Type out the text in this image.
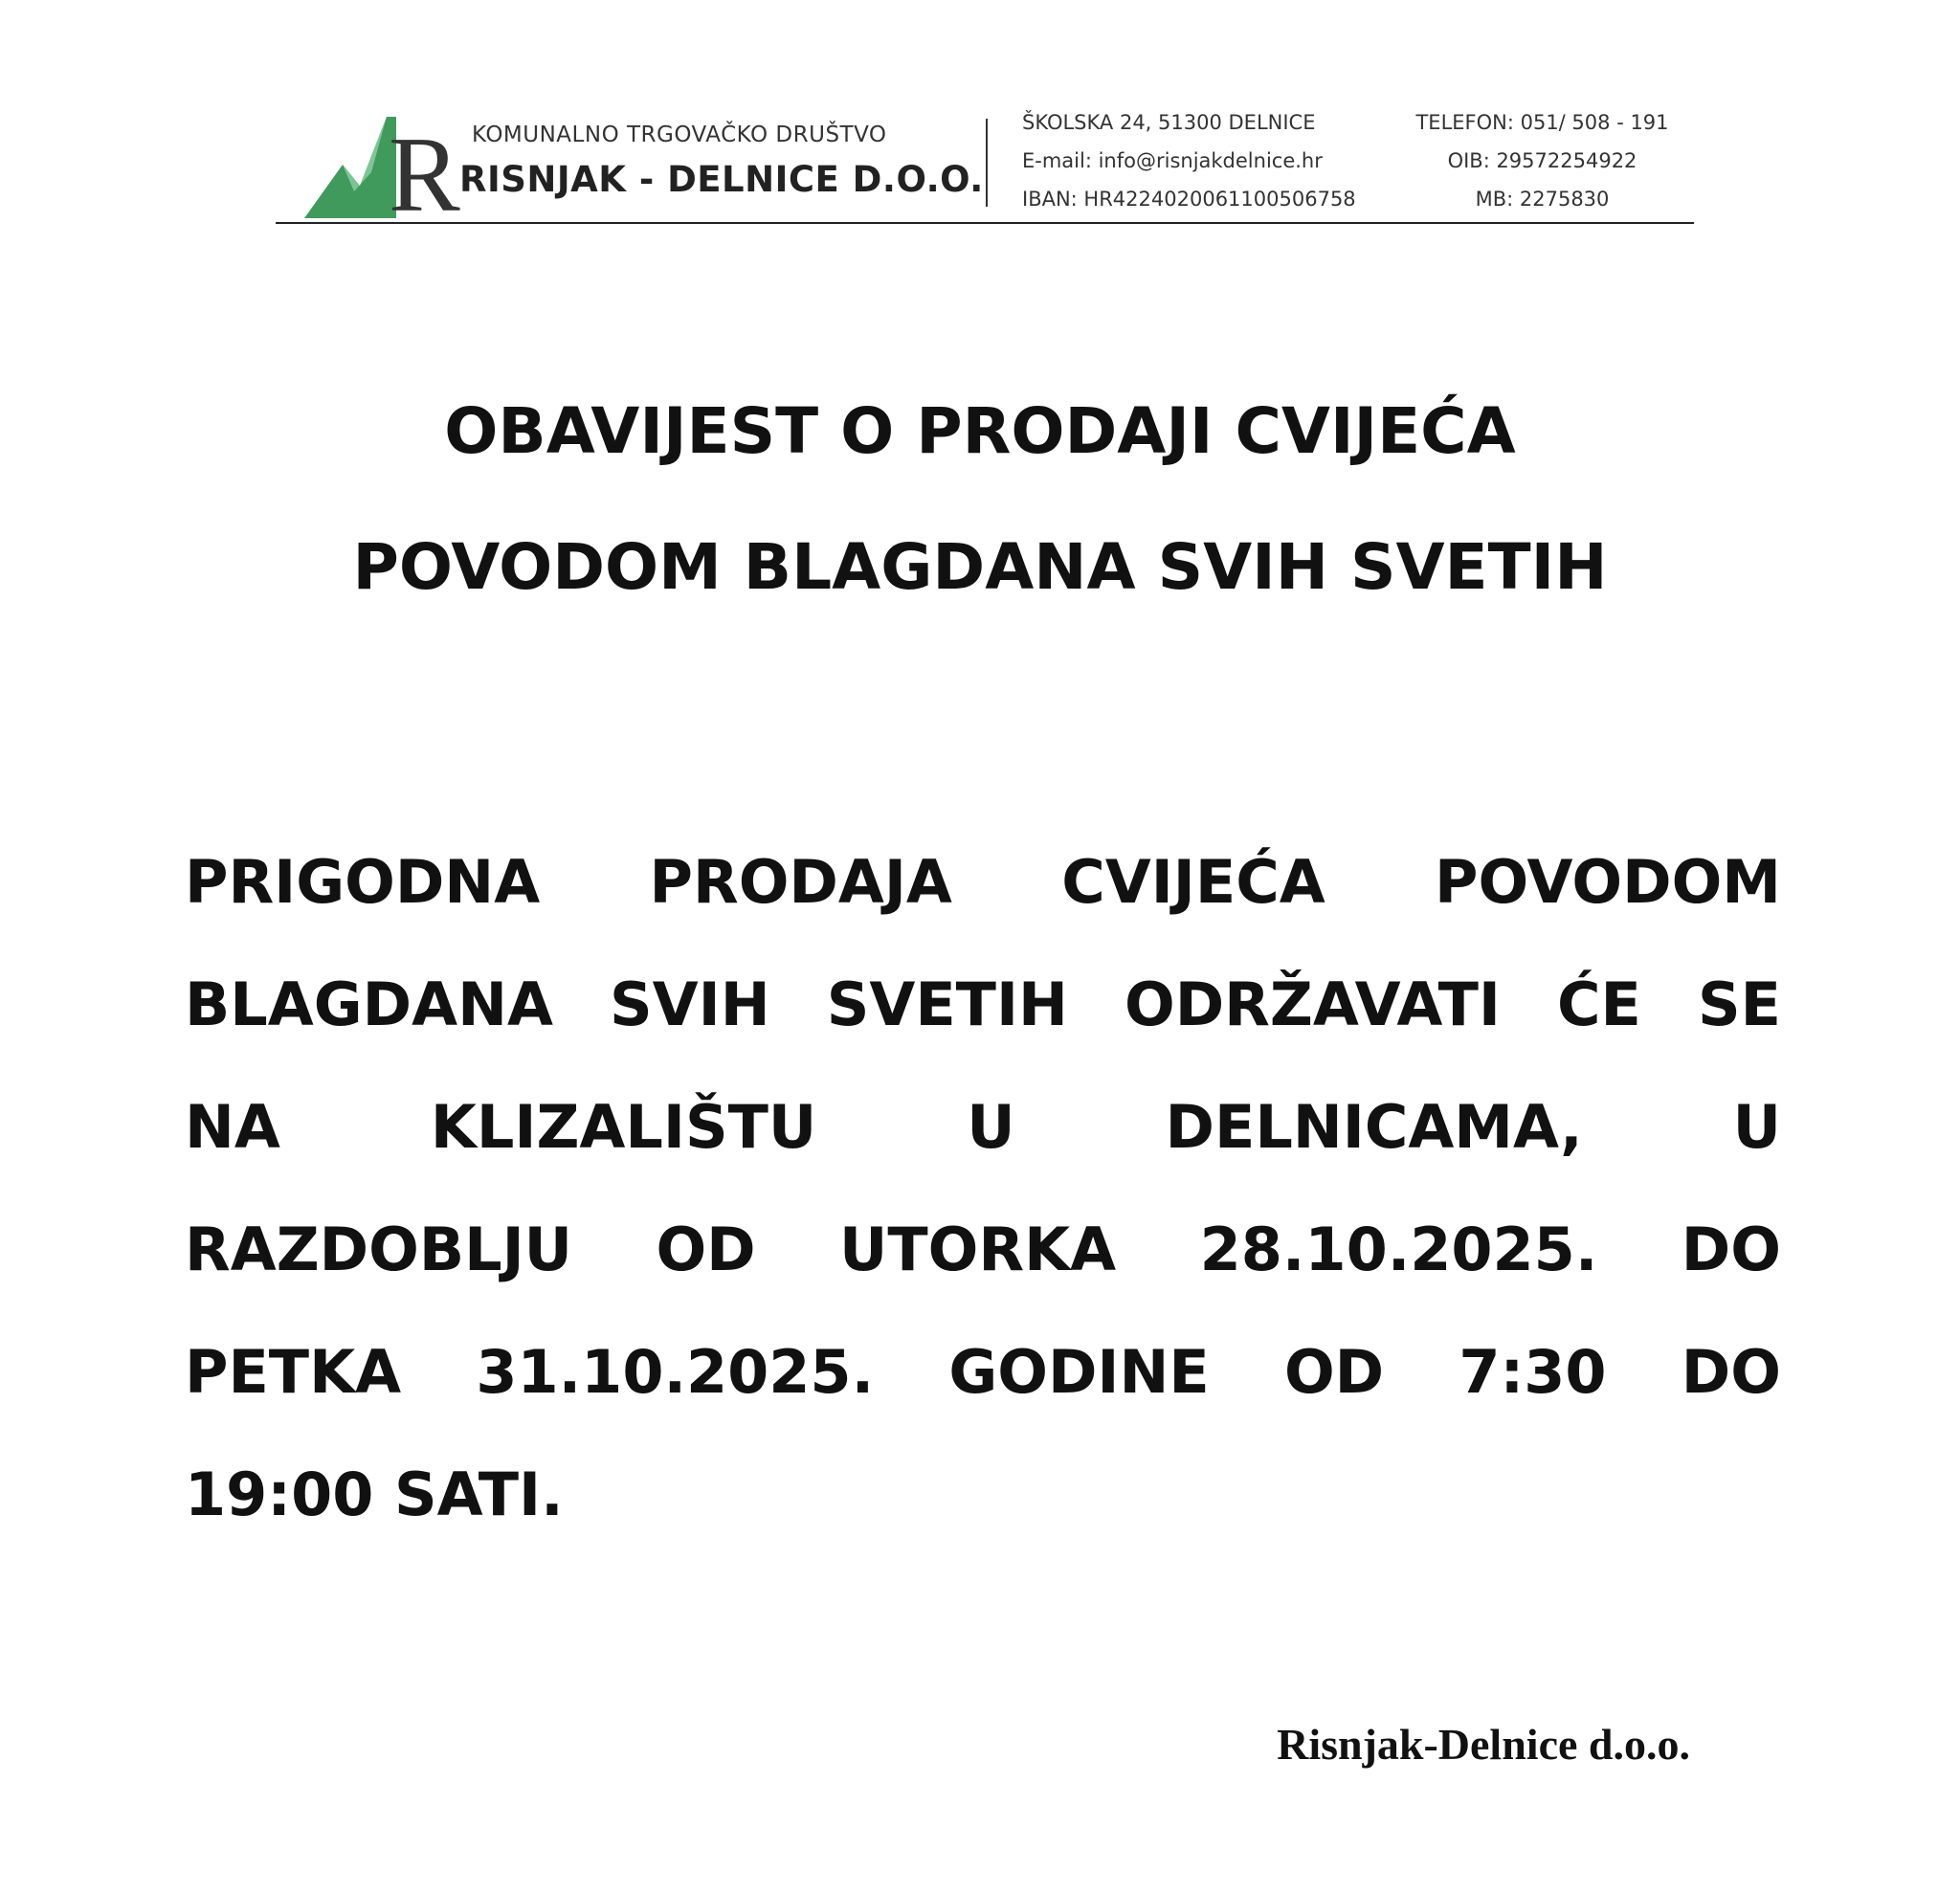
R KOMUNALNO TRGOVAČKO DRUŠTVO
RISNJAK - DELNICE D.O.O.
ŠKOLSKA 24, 51300 DELNICE
E-mail: info@risnjakdelnice.hr
IBAN: HR4224020061100506758
TELEFON: 051/ 508 - 191
OIB: 29572254922
MB: 2275830
OBAVIJEST O PRODAJI CVIJEĆA
POVODOM BLAGDANA SVIH SVETIH
PRIGODNA PRODAJA CVIJEĆA POVODOM
BLAGDANA SVIH SVETIH ODRŽAVATI ĆE SE
NA	KLIZALIŠTU	U	DELNICAMA,	U
RAZDOBLJU OD UTORKA 28.10.2025. DO
PETKA 31.10.2025. GODINE OD 7:30 DO
19:00 SATI.
Risnjak-Delnice d.o.o.
